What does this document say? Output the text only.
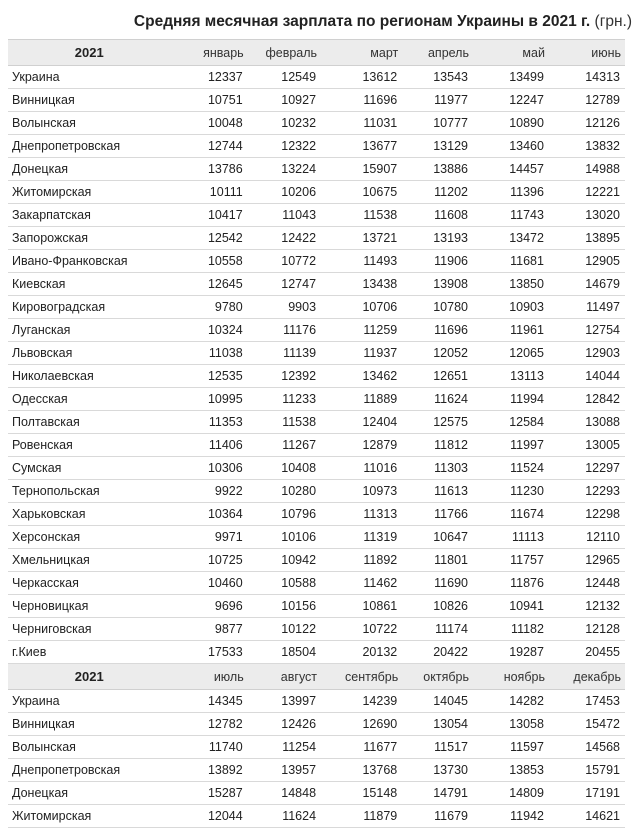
Средняя месячная зарплата по регионам Украины в 2021 г. (грн.)
2021	январь	февраль	март	апрель	май	июнь
Украина	12337	12549	13612	13543	13499	14313
Винницкая	10751	10927	11696	11977	12247	12789
Волынская	10048	10232	11031	10777	10890	12126
Днепропетровская	12744	12322	13677	13129	13460	13832
Донецкая	13786	13224	15907	13886	14457	14988
Житомирская	10111	10206	10675	11202	11396	12221
Закарпатская	10417	11043	11538	11608	11743	13020
Запорожская	12542	12422	13721	13193	13472	13895
Ивано-Франковская	10558	10772	11493	11906	11681	12905
Киевская	12645	12747	13438	13908	13850	14679
Кировоградская	9780	9903	10706	10780	10903	11497
Луганская	10324	11176	11259	11696	11961	12754
Львовская	11038	11139	11937	12052	12065	12903
Николаевская	12535	12392	13462	12651	13113	14044
Одесская	10995	11233	11889	11624	11994	12842
Полтавская	11353	11538	12404	12575	12584	13088
Ровенская	11406	11267	12879	11812	11997	13005
Сумская	10306	10408	11016	11303	11524	12297
Тернопольская	9922	10280	10973	11613	11230	12293
Харьковская	10364	10796	11313	11766	11674	12298
Херсонская	9971	10106	11319	10647	11113	12110
Хмельницкая	10725	10942	11892	11801	11757	12965
Черкасская	10460	10588	11462	11690	11876	12448
Черновицкая	9696	10156	10861	10826	10941	12132
Черниговская	9877	10122	10722	11174	11182	12128
г.Киев	17533	18504	20132	20422	19287	20455
2021	июль	август	сентябрь	октябрь	ноябрь	декабрь
Украина	14345	13997	14239	14045	14282	17453
Винницкая	12782	12426	12690	13054	13058	15472
Волынская	11740	11254	11677	11517	11597	14568
Днепропетровская	13892	13957	13768	13730	13853	15791
Донецкая	15287	14848	15148	14791	14809	17191
Житомирская	12044	11624	11879	11679	11942	14621
